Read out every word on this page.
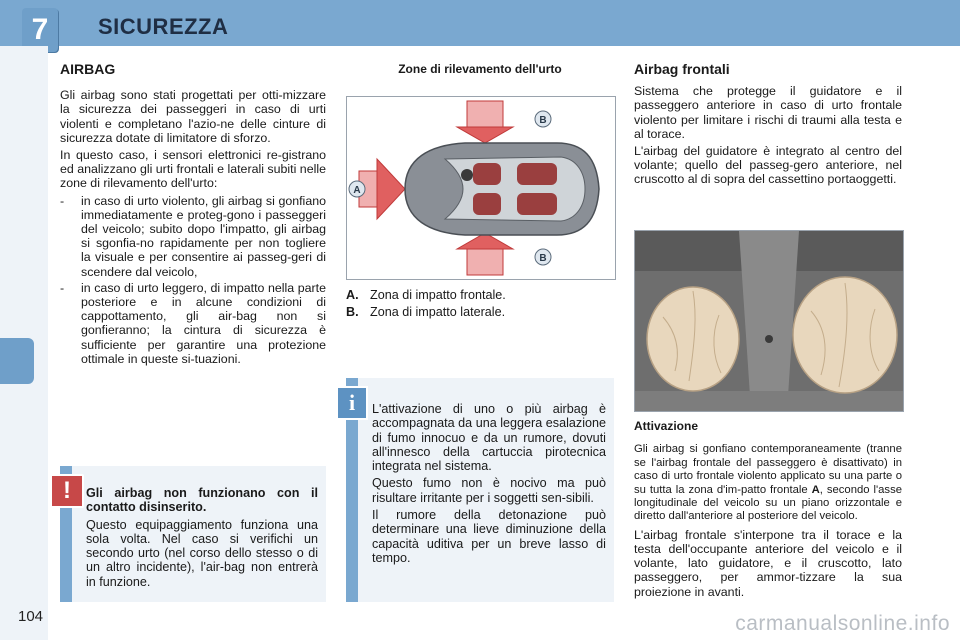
7	SICUREZZA
AIRBAG

Gli airbag sono stati progettati per otti-mizzare la sicurezza dei passeggeri in caso di urti violenti e completano l'azio-ne delle cinture di sicurezza dotate di limitatore di sforzo.

In questo caso, i sensori elettronici re-gistrano ed analizzano gli urti frontali e laterali subiti nelle zone di rilevamento dell'urto:

- in caso di urto violento, gli airbag si gonfiano immediatamente e proteg-gono i passeggeri del veicolo; subito dopo l'impatto, gli airbag si sgonfia-no rapidamente per non togliere la visuale e per consentire ai passeg-geri di scendere dal veicolo,
- in caso di urto leggero, di impatto nella parte posteriore e in alcune condizioni di cappottamento, gli air-bag non si gonfieranno; la cintura di sicurezza è sufficiente per garantire una protezione ottimale in queste si-tuazioni.

Gli airbag non funzionano con il contatto disinserito.

Questo equipaggiamento funziona una sola volta. Nel caso si verifichi un secondo urto (nel corso dello stesso o di un altro incidente), l'air-bag non entrerà in funzione.

!
Zone di rilevamento dell'urto
A
B
B
A. Zona di impatto frontale.
B. Zona di impatto laterale.

L'attivazione di uno o più airbag è accompagnata da una leggera esalazione di fumo innocuo e da un rumore, dovuti all'innesco della cartuccia pirotecnica integrata nel sistema.

Questo fumo non è nocivo ma può risultare irritante per i soggetti sen-sibili.

Il rumore della detonazione può determinare una lieve diminuzione della capacità uditiva per un breve lasso di tempo.

i
Airbag frontali

Sistema che protegge il guidatore e il passeggero anteriore in caso di urto frontale violento per limitare i rischi di traumi alla testa e al torace.

L'airbag del guidatore è integrato al centro del volante; quello del passeg-gero anteriore, nel cruscotto al di sopra del cassettino portaoggetti.

Attivazione

Gli airbag si gonfiano contemporaneamente (tranne se l'airbag frontale del passeggero è disattivato) in caso di urto frontale violento applicato su una parte o su tutta la zona d'im-patto frontale A, secondo l'asse longitudinale del veicolo su un piano orizzontale e diretto dall'anteriore al posteriore del veicolo.

L'airbag frontale s'interpone tra il torace e la testa dell'occupante anteriore del veicolo e il volante, lato guidatore, e il cruscotto, lato passeggero, per ammor-tizzare la sua proiezione in avanti.

104	carmanualsonline.info
